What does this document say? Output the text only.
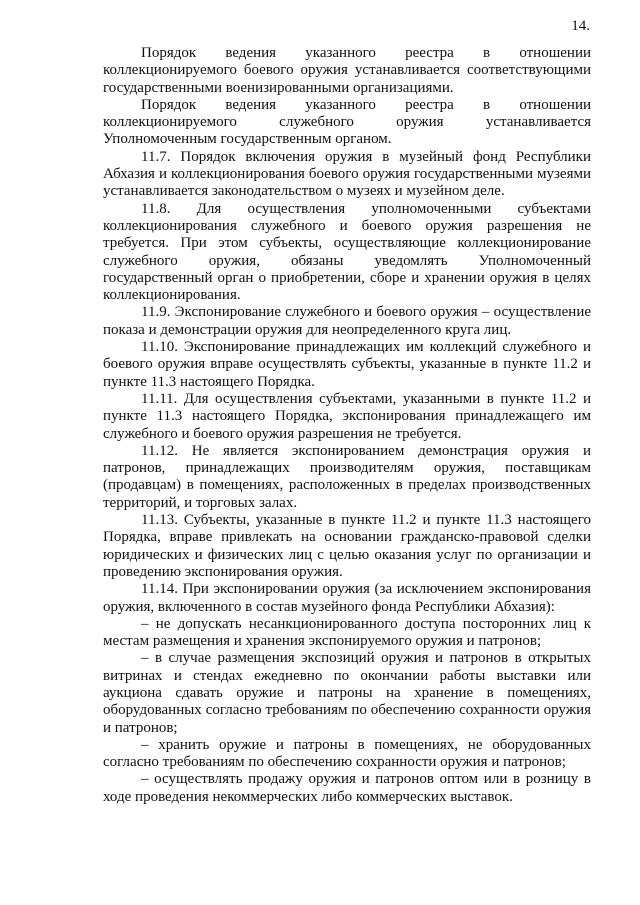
14.

Порядок ведения указанного реестра в отношении коллекционируемого боевого оружия устанавливается соответствующими государственными военизированными организациями.

Порядок ведения указанного реестра в отношении коллекционируемого служебного оружия устанавливается Уполномоченным государственным органом.

11.7. Порядок включения оружия в музейный фонд Республики Абхазия и коллекционирования боевого оружия государственными музеями устанавливается законодательством о музеях и музейном деле.

11.8. Для осуществления уполномоченными субъектами коллекционирования служебного и боевого оружия разрешения не требуется. При этом субъекты, осуществляющие коллекционирование служебного оружия, обязаны уведомлять Уполномоченный государственный орган о приобретении, сборе и хранении оружия в целях коллекционирования.

11.9. Экспонирование служебного и боевого оружия – осуществление показа и демонстрации оружия для неопределенного круга лиц.

11.10. Экспонирование принадлежащих им коллекций служебного и боевого оружия вправе осуществлять субъекты, указанные в пункте 11.2 и пункте 11.3 настоящего Порядка.

11.11. Для осуществления субъектами, указанными в пункте 11.2 и пункте 11.3 настоящего Порядка, экспонирования принадлежащего им служебного и боевого оружия разрешения не требуется.

11.12. Не является экспонированием демонстрация оружия и патронов, принадлежащих производителям оружия, поставщикам (продавцам) в помещениях, расположенных в пределах производственных территорий, и торговых залах.

11.13. Субъекты, указанные в пункте 11.2 и пункте 11.3 настоящего Порядка, вправе привлекать на основании гражданско-правовой сделки юридических и физических лиц с целью оказания услуг по организации и проведению экспонирования оружия.

11.14. При экспонировании оружия (за исключением экспонирования оружия, включенного в состав музейного фонда Республики Абхазия):

– не допускать несанкционированного доступа посторонних лиц к местам размещения и хранения экспонируемого оружия и патронов;

– в случае размещения экспозиций оружия и патронов в открытых витринах и стендах ежедневно по окончании работы выставки или аукциона сдавать оружие и патроны на хранение в помещениях, оборудованных согласно требованиям по обеспечению сохранности оружия и патронов;

– хранить оружие и патроны в помещениях, не оборудованных согласно требованиям по обеспечению сохранности оружия и патронов;

– осуществлять продажу оружия и патронов оптом или в розницу в ходе проведения некоммерческих либо коммерческих выставок.
